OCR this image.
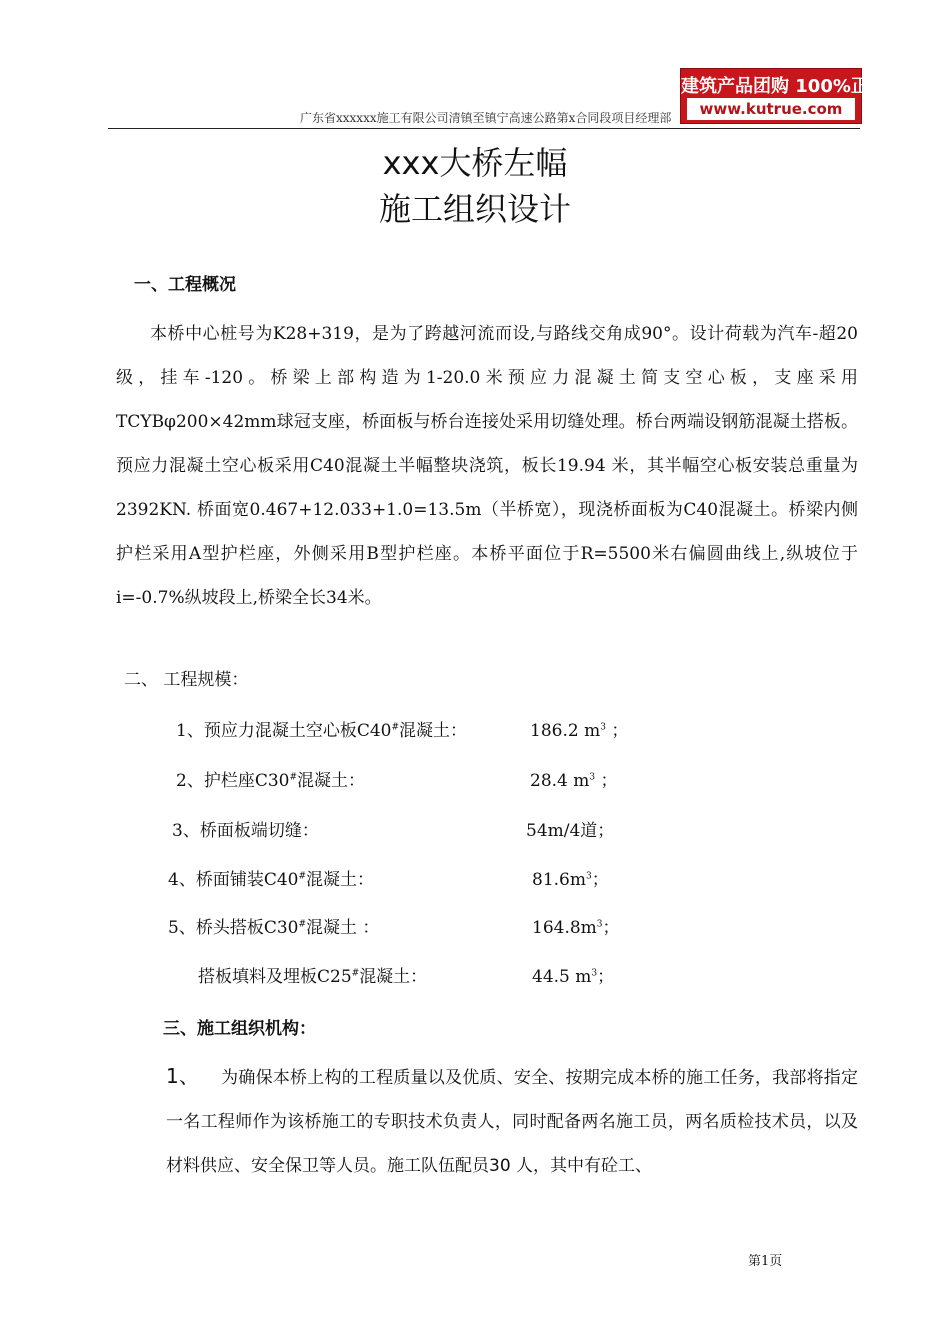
广东省xxxxxx施工有限公司清镇至镇宁高速公路第x合同段项目经理部
建筑产品团购 100%正品
www.kutrue.com
xxx大桥左幅
施工组织设计
一、工程概况
本桥中心桩号为K28+319，是为了跨越河流而设,与路线交角成90°。设计荷载为汽车-超20级，挂车-120。桥梁上部构造为1-20.0米预应力混凝土简支空心板，支座采用TCYBφ200×42mm球冠支座，桥面板与桥台连接处采用切缝处理。桥台两端设钢筋混凝土搭板。预应力混凝土空心板采用C40混凝土半幅整块浇筑，板长19.94 米，其半幅空心板安装总重量为2392KN. 桥面宽0.467+12.033+1.0=13.5m（半桥宽），现浇桥面板为C40混凝土。桥梁内侧护栏采用A型护栏座，外侧采用B型护栏座。本桥平面位于R=5500米右偏圆曲线上,纵坡位于i=-0.7%纵坡段上,桥梁全长34米。
二、 工程规模：
1、预应力混凝土空心板C40#混凝土：	186.2 $m^3$ ；
2、护栏座C30#混凝土：	28.4 $m^3$ ；
3、桥面板端切缝：	54m/4道；
4、桥面铺装C40#混凝土：	$81.6m^3$；
5、桥头搭板C30#混凝土 ：	$164.8m^3$；
搭板填料及埋板C25#混凝土：	44.5 $m^3$；
三、施工组织机构：
1、 为确保本桥上构的工程质量以及优质、安全、按期完成本桥的施工任务，我部将指定一名工程师作为该桥施工的专职技术负责人，同时配备两名施工员，两名质检技术员，以及材料供应、安全保卫等人员。施工队伍配员30 人，其中有砼工、
第1页
